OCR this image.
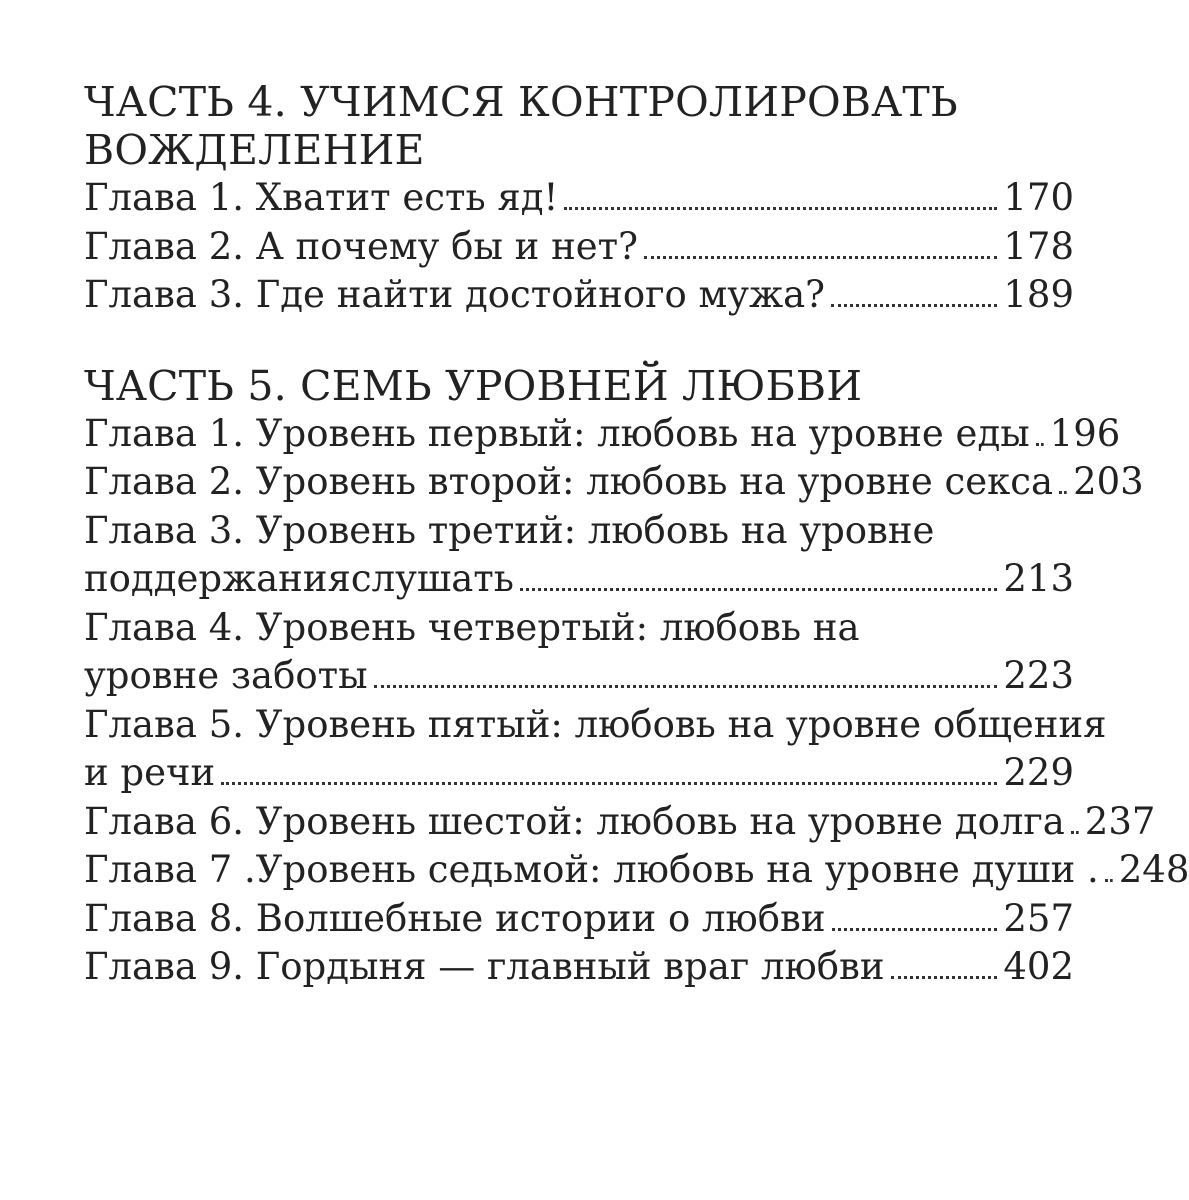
ЧАСТЬ 4. УЧИМСЯ КОНТРОЛИРОВАТЬ
ВОЖДЕЛЕНИЕ
Глава 1. Хватит есть яд!	170
Глава 2. А почему бы и нет?	178
Глава 3. Где найти достойного мужа?	189
ЧАСТЬ 5. СЕМЬ УРОВНЕЙ ЛЮБВИ
Глава 1. Уровень первый: любовь на уровне еды 196
Глава 2. Уровень второй: любовь на уровне секса 203
Глава 3. Уровень третий: любовь на уровне
поддержанияслушать	213
Глава 4. Уровень четвертый: любовь на
уровне заботы	223
Глава 5. Уровень пятый: любовь на уровне общения
и речи	229
Глава 6. Уровень шестой: любовь на уровне долга 237
Глава 7 .Уровень седьмой: любовь на уровне души . 248
Глава 8. Волшебные истории о любви	257
Глава 9. Гордыня — главный враг любви	402
